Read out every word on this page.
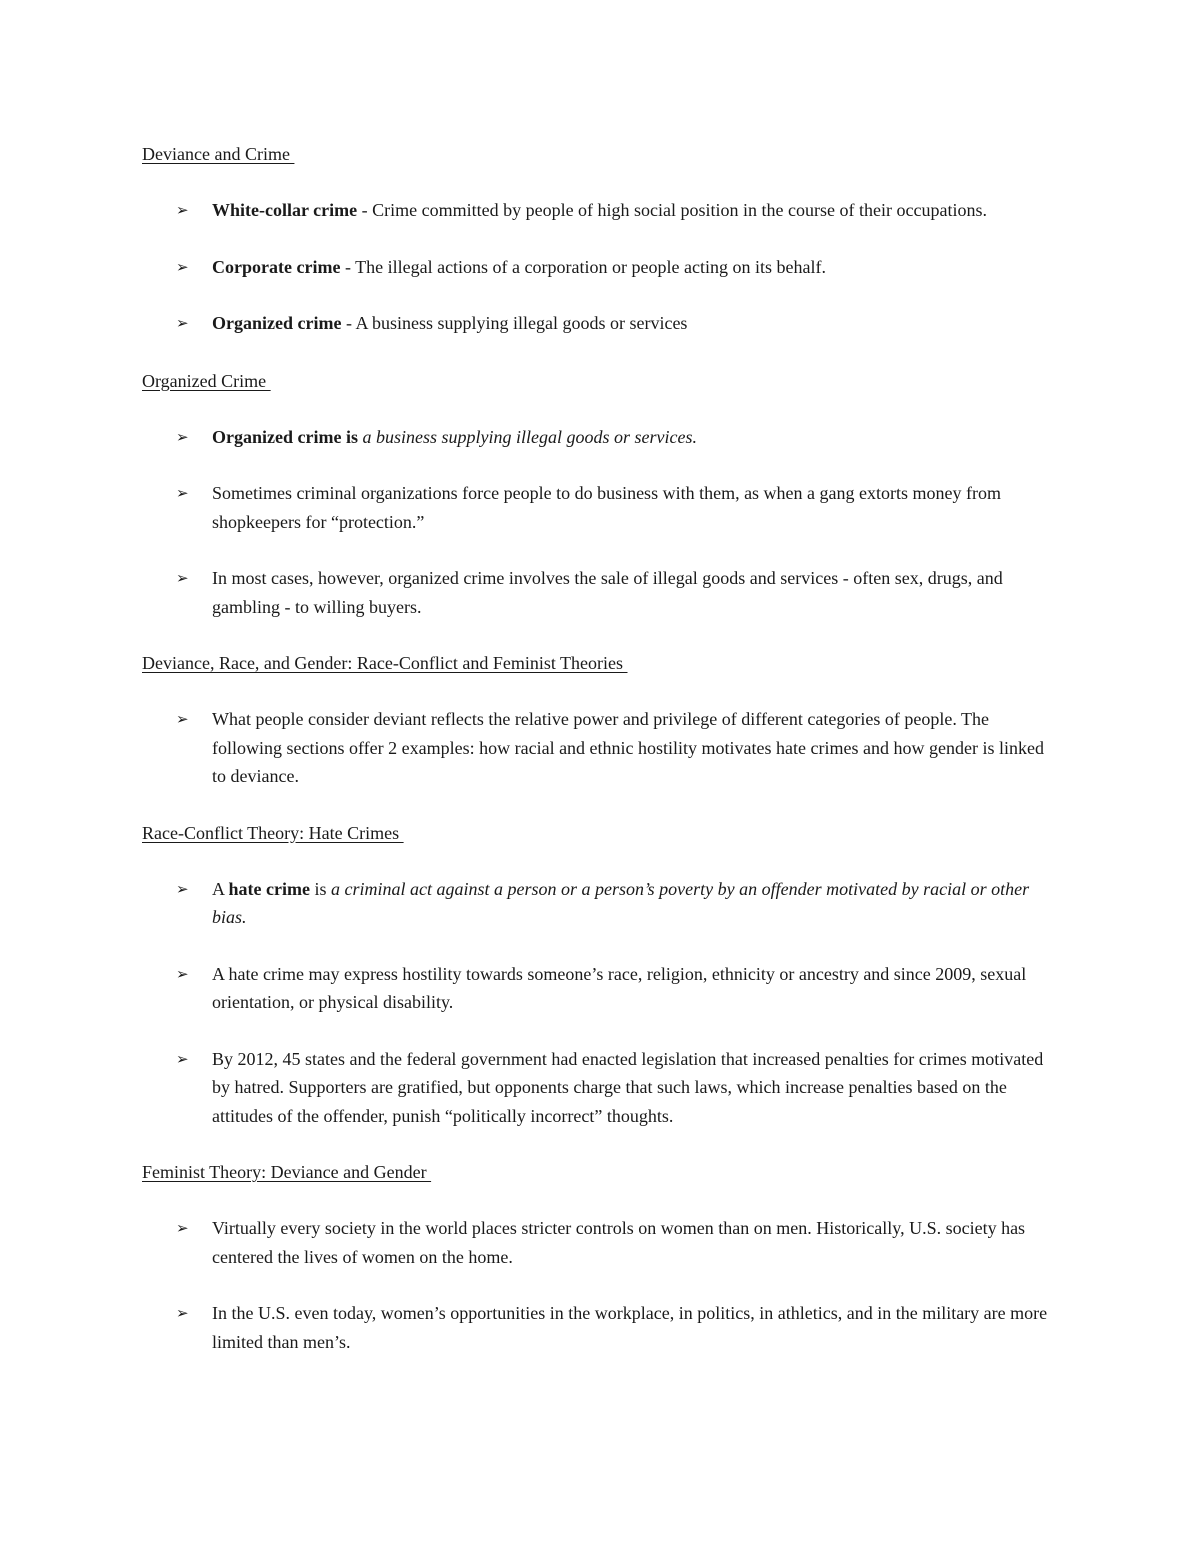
Deviance and Crime

➢ White-collar crime - Crime committed by people of high social position in the course of their occupations.
➢ Corporate crime - The illegal actions of a corporation or people acting on its behalf.
➢ Organized crime - A business supplying illegal goods or services

Organized Crime

➢ Organized crime is a business supplying illegal goods or services.
➢ Sometimes criminal organizations force people to do business with them, as when a gang extorts money from shopkeepers for “protection.”
➢ In most cases, however, organized crime involves the sale of illegal goods and services - often sex, drugs, and gambling - to willing buyers.

Deviance, Race, and Gender: Race-Conflict and Feminist Theories

➢ What people consider deviant reflects the relative power and privilege of different categories of people. The following sections offer 2 examples: how racial and ethnic hostility motivates hate crimes and how gender is linked to deviance.

Race-Conflict Theory: Hate Crimes

➢ A hate crime is a criminal act against a person or a person’s poverty by an offender motivated by racial or other bias.
➢ A hate crime may express hostility towards someone’s race, religion, ethnicity or ancestry and since 2009, sexual orientation, or physical disability.
➢ By 2012, 45 states and the federal government had enacted legislation that increased penalties for crimes motivated by hatred. Supporters are gratified, but opponents charge that such laws, which increase penalties based on the attitudes of the offender, punish “politically incorrect” thoughts.

Feminist Theory: Deviance and Gender

➢ Virtually every society in the world places stricter controls on women than on men. Historically, U.S. society has centered the lives of women on the home.
➢ In the U.S. even today, women’s opportunities in the workplace, in politics, in athletics, and in the military are more limited than men’s.
